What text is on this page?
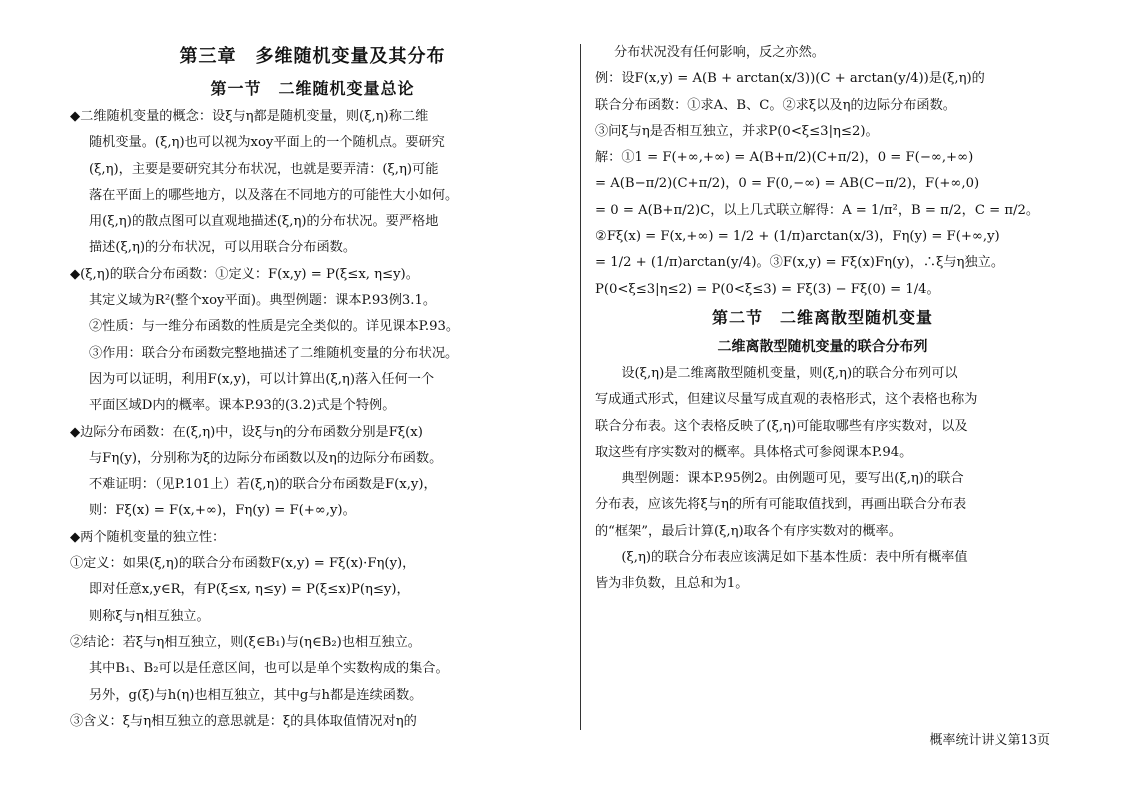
第三章　多维随机变量及其分布
第一节　二维随机变量总论
◆二维随机变量的概念：设ξ与η都是随机变量，则(ξ,η)称二维
随机变量。(ξ,η)也可以视为xoy平面上的一个随机点。要研究
(ξ,η)，主要是要研究其分布状况，也就是要弄清：(ξ,η)可能
落在平面上的哪些地方，以及落在不同地方的可能性大小如何。
用(ξ,η)的散点图可以直观地描述(ξ,η)的分布状况。要严格地
描述(ξ,η)的分布状况，可以用联合分布函数。
◆(ξ,η)的联合分布函数：①定义：F(x,y) = P(ξ≤x, η≤y)。
其定义域为R²(整个xoy平面)。典型例题：课本P.93例3.1。
②性质：与一维分布函数的性质是完全类似的。详见课本P.93。
③作用：联合分布函数完整地描述了二维随机变量的分布状况。
因为可以证明，利用F(x,y)，可以计算出(ξ,η)落入任何一个
平面区域D内的概率。课本P.93的(3.2)式是个特例。
◆边际分布函数：在(ξ,η)中，设ξ与η的分布函数分别是Fξ(x)
与Fη(y)，分别称为ξ的边际分布函数以及η的边际分布函数。
不难证明：（见P.101上）若(ξ,η)的联合分布函数是F(x,y)，
则：Fξ(x) = F(x,+∞)，Fη(y) = F(+∞,y)。
◆两个随机变量的独立性：
①定义：如果(ξ,η)的联合分布函数F(x,y) = Fξ(x)·Fη(y)，
即对任意x,y∈R，有P(ξ≤x, η≤y) = P(ξ≤x)P(η≤y)，
则称ξ与η相互独立。
②结论：若ξ与η相互独立，则(ξ∈B₁)与(η∈B₂)也相互独立。
其中B₁、B₂可以是任意区间，也可以是单个实数构成的集合。
另外，g(ξ)与h(η)也相互独立，其中g与h都是连续函数。
③含义：ξ与η相互独立的意思就是：ξ的具体取值情况对η的
分布状况没有任何影响，反之亦然。
例：设F(x,y) = A(B + arctan(x/3))(C + arctan(y/4))是(ξ,η)的
联合分布函数：①求A、B、C。②求ξ以及η的边际分布函数。
③问ξ与η是否相互独立，并求P(0<ξ≤3|η≤2)。
解：①1 = F(+∞,+∞) = A(B+π/2)(C+π/2)，0 = F(−∞,+∞)
= A(B−π/2)(C+π/2)，0 = F(0,−∞) = AB(C−π/2)，F(+∞,0)
= 0 = A(B+π/2)C，以上几式联立解得：A = 1/π²，B = π/2，C = π/2。
②Fξ(x) = F(x,+∞) = 1/2 + (1/π)arctan(x/3)，Fη(y) = F(+∞,y)
= 1/2 + (1/π)arctan(y/4)。③F(x,y) = Fξ(x)Fη(y)，∴ξ与η独立。
P(0<ξ≤3|η≤2) = P(0<ξ≤3) = Fξ(3) − Fξ(0) = 1/4。
第二节　二维离散型随机变量
二维离散型随机变量的联合分布列
　　设(ξ,η)是二维离散型随机变量，则(ξ,η)的联合分布列可以
写成通式形式，但建议尽量写成直观的表格形式，这个表格也称为
联合分布表。这个表格反映了(ξ,η)可能取哪些有序实数对，以及
取这些有序实数对的概率。具体格式可参阅课本P.94。
　　典型例题：课本P.95例2。由例题可见，要写出(ξ,η)的联合
分布表，应该先将ξ与η的所有可能取值找到，再画出联合分布表
的“框架”，最后计算(ξ,η)取各个有序实数对的概率。
　　(ξ,η)的联合分布表应该满足如下基本性质：表中所有概率值
皆为非负数，且总和为1。
概率统计讲义第13页
